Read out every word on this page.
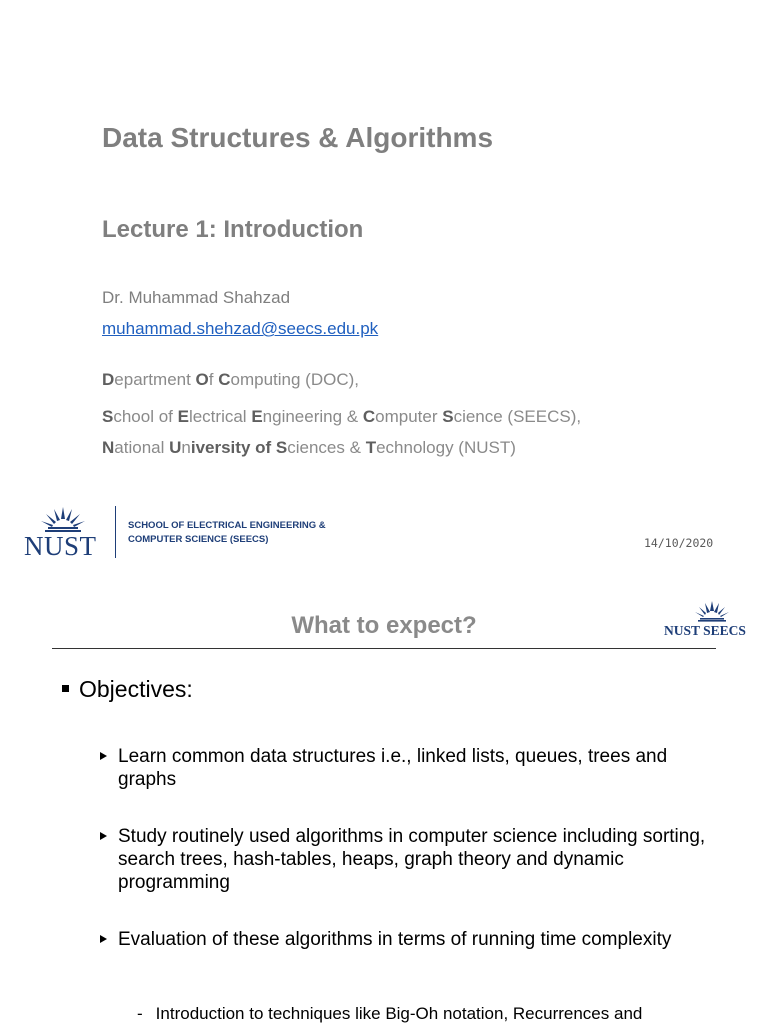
Data Structures & Algorithms
Lecture 1: Introduction
Dr. Muhammad Shahzad
muhammad.shehzad@seecs.edu.pk
Department Of Computing (DOC),
School of Electrical Engineering & Computer Science (SEECS),
National University of Sciences & Technology (NUST)
NUST
SCHOOL OF ELECTRICAL ENGINEERING &
COMPUTER SCIENCE (SEECS)	14/10/2020
What to expect?	NUST SEECS
Objectives:
Learn common data structures i.e., linked lists, queues, trees and graphs
Study routinely used algorithms in computer science including sorting, search trees, hash-tables, heaps, graph theory and dynamic programming
Evaluation of these algorithms in terms of running time complexity
- Introduction to techniques like Big-Oh notation, Recurrences and
